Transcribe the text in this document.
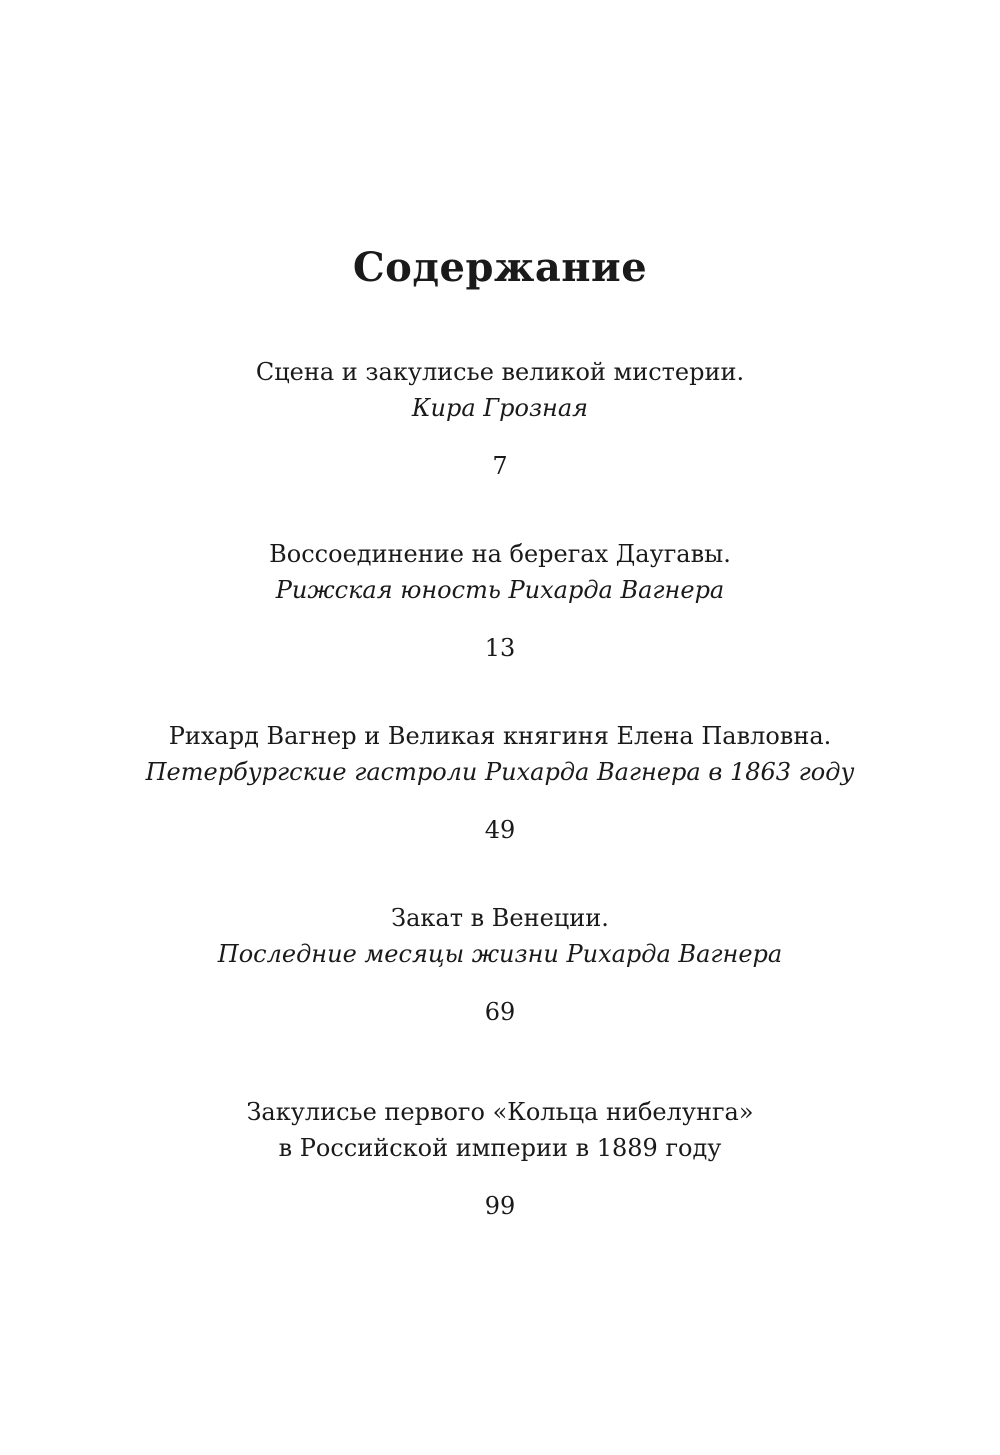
Содержание
Сцена и закулисье великой мистерии.
Кира Грозная
7
Воссоединение на берегах Даугавы.
Рижская юность Рихарда Вагнера
13
Рихард Вагнер и Великая княгиня Елена Павловна.
Петербургские гастроли Рихарда Вагнера в 1863 году
49
Закат в Венеции.
Последние месяцы жизни Рихарда Вагнера
69
Закулисье первого «Кольца нибелунга»
в Российской империи в 1889 году
99
